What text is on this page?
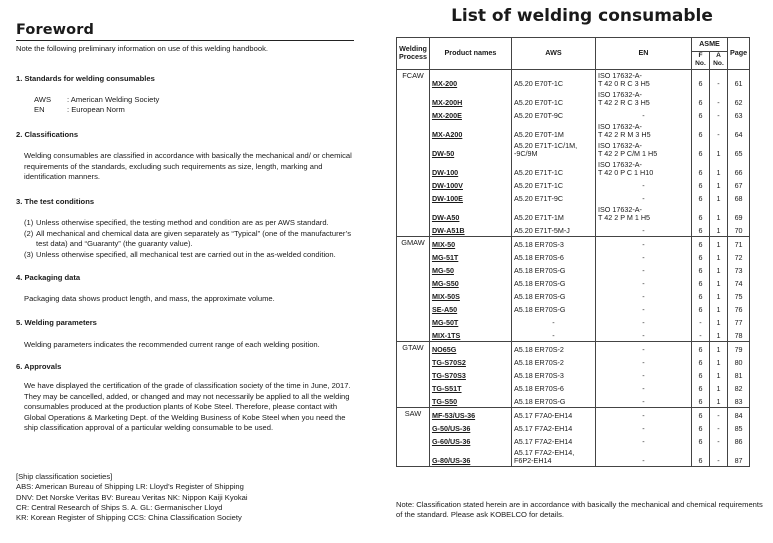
Foreword
Note the following preliminary information on use of this welding handbook.
1. Standards for welding consumables
AWS	: American Welding Society
EN	: European Norm
2. Classifications

Welding consumables are classified in accordance with basically the mechanical and/ or chemical requirements of the standards, excluding such requirements as size, length, marking and identification manners.

3. The test conditions
(1) Unless otherwise specified, the testing method and condition are as per AWS standard.
(2) All mechanical and chemical data are given separately as “Typical” (one of the manufacturer’s test data) and “Guaranty” (the guaranty value).
(3) Unless otherwise specified, all mechanical test are carried out in the as-welded condition.
4. Packaging data
Packaging data shows product length, and mass, the approximate volume.
5. Welding parameters
Welding parameters indicates the recommended current range of each welding position.
6. Approvals

We have displayed the certification of the grade of classification society of the time in June, 2017.

They may be cancelled, added, or changed and may not necessarily be applied to all the welding consumables produced at the production plants of Kobe Steel. Therefore, please contact with Global Operations & Marketing Dept. of the Welding Business of Kobe Steel when you need the ship classification approval of a particular welding consumable to be used.

[Ship classification societies]
ABS: American Bureau of Shipping LR: Lloyd’s Register of Shipping
DNV: Det Norske Veritas BV: Bureau Veritas NK: Nippon Kaiji Kyokai
CR: Central Research of Ships S. A. GL: Germanischer Lloyd
KR: Korean Register of Shipping CCS: China Classification Society
List of welding consumable
Welding Process	Product names	AWS	EN	ASME		Page
				F No.	A No.	
FCAW	MX-200	A5.20 E70T-1C	ISO 17632-A-
T 42 0 R C 3 H5	6	-	61
	MX-200H	A5.20 E70T-1C	ISO 17632-A-
T 42 2 R C 3 H5	6	-	62
	MX-200E	A5.20 E70T-9C	-	6	-	63
	MX-A200	A5.20 E70T-1M	ISO 17632-A-
T 42 2 R M 3 H5	6	-	64
	DW-50	A5.20 E71T-1C/1M,
-9C/9M	ISO 17632-A-
T 42 2 P C/M 1 H5	6	1	65
	DW-100	A5.20 E71T-1C	ISO 17632-A-
T 42 0 P C 1 H10	6	1	66
	DW-100V	A5.20 E71T-1C	-	6	1	67
	DW-100E	A5.20 E71T-9C	-	6	1	68
	DW-A50	A5.20 E71T-1M	ISO 17632-A-
T 42 2 P M 1 H5	6	1	69
	DW-A51B	A5.20 E71T-5M-J	-	6	1	70
GMAW	MIX-50	A5.18 ER70S-3	-	6	1	71
	MG-51T	A5.18 ER70S-6	-	6	1	72
	MG-50	A5.18 ER70S-G	-	6	1	73
	MG-S50	A5.18 ER70S-G	-	6	1	74
	MIX-50S	A5.18 ER70S-G	-	6	1	75
	SE-A50	A5.18 ER70S-G	-	6	1	76
	MG-50T	-	-	-	1	77
	MIX-1TS	-	-	-	1	78
GTAW	NO65G	A5.18 ER70S-2	-	6	1	79
	TG-S70S2	A5.18 ER70S-2	-	6	1	80
	TG-S70S3	A5.18 ER70S-3	-	6	1	81
	TG-S51T	A5.18 ER70S-6	-	6	1	82
	TG-S50	A5.18 ER70S-G	-	6	1	83
SAW	MF-53/US-36	A5.17 F7A0-EH14	-	6	-	84
	G-50/US-36	A5.17 F7A2-EH14	-	6	-	85
	G-60/US-36	A5.17 F7A2-EH14	-	6	-	86
	G-80/US-36	A5.17 F7A2-EH14,
F6P2-EH14	-	6	-	87
Note: Classification stated herein are in accordance with basically the mechanical and chemical requirements of the standard. Please ask KOBELCO for details.
